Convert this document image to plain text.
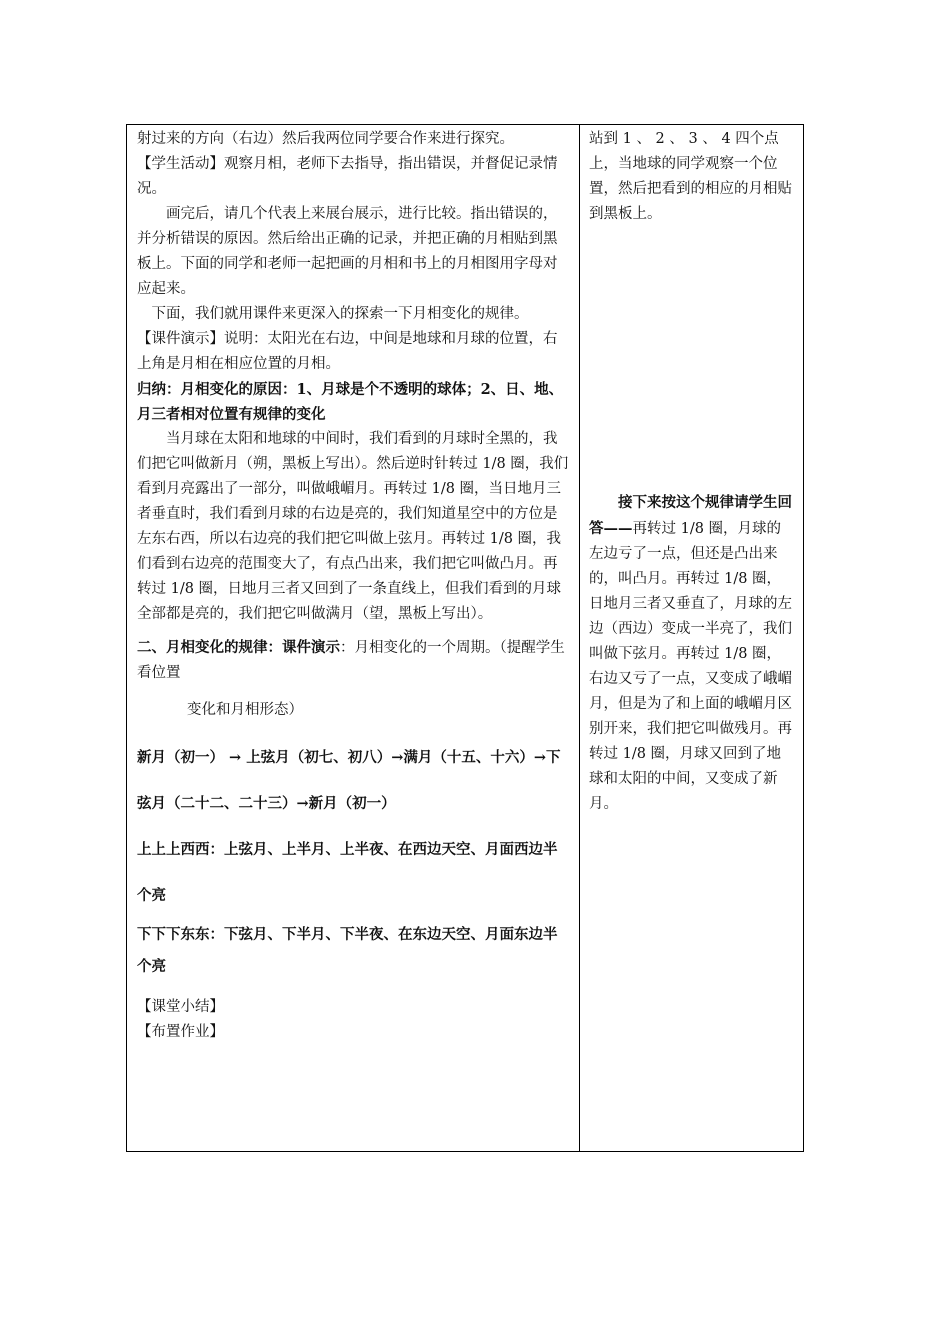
射过来的方向（右边）然后我两位同学要合作来进行探究。

【学生活动】观察月相，老师下去指导，指出错误，并督促记录情况。

画完后，请几个代表上来展台展示，进行比较。指出错误的，并分析错误的原因。然后给出正确的记录，并把正确的月相贴到黑板上。下面的同学和老师一起把画的月相和书上的月相图用字母对应起来。

下面，我们就用课件来更深入的探索一下月相变化的规律。

【课件演示】说明：太阳光在右边，中间是地球和月球的位置，右上角是月相在相应位置的月相。

归纳：月相变化的原因：1、月球是个不透明的球体；2、日、地、月三者相对位置有规律的变化

当月球在太阳和地球的中间时，我们看到的月球时全黑的，我们把它叫做新月（朔，黑板上写出）。然后逆时针转过 1/8 圈，我们看到月亮露出了一部分，叫做峨嵋月。再转过 1/8 圈，当日地月三者垂直时，我们看到月球的右边是亮的，我们知道星空中的方位是左东右西，所以右边亮的我们把它叫做上弦月。再转过 1/8 圈，我们看到右边亮的范围变大了，有点凸出来，我们把它叫做凸月。再转过 1/8 圈，日地月三者又回到了一条直线上，但我们看到的月球全部都是亮的，我们把它叫做满月（望，黑板上写出）。

二、月相变化的规律：课件演示：月相变化的一个周期。（提醒学生看位置

变化和月相形态）

新月（初一） → 上弦月（初七、初八）→满月（十五、十六）→下弦月（二十二、二十三）→新月（初一）

上上上西西：上弦月、上半月、上半夜、在西边天空、月面西边半个亮

下下下东东：下弦月、下半月、下半夜、在东边天空、月面东边半个亮

【课堂小结】

【布置作业】

站到 1 、 2 、 3 、 4 四个点上，当地球的同学观察一个位置，然后把看到的相应的月相贴到黑板上。

接下来按这个规律请学生回答——再转过 1/8 圈，月球的左边亏了一点，但还是凸出来的，叫凸月。再转过 1/8 圈，日地月三者又垂直了，月球的左边（西边）变成一半亮了，我们叫做下弦月。再转过 1/8 圈，右边又亏了一点，又变成了峨嵋月，但是为了和上面的峨嵋月区别开来，我们把它叫做残月。再转过 1/8 圈，月球又回到了地球和太阳的中间，又变成了新月。
